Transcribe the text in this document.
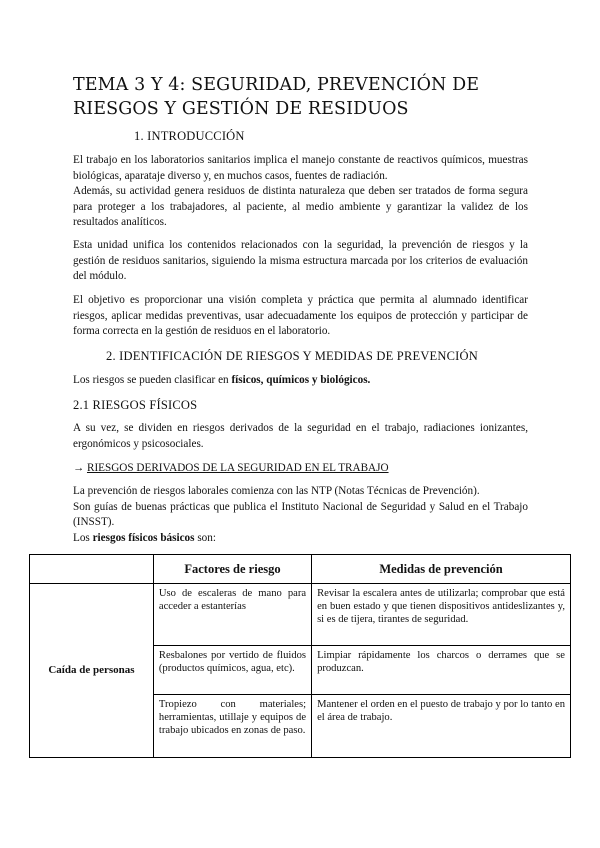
TEMA 3 Y 4: SEGURIDAD, PREVENCIÓN DE RIESGOS Y GESTIÓN DE RESIDUOS
1. INTRODUCCIÓN

El trabajo en los laboratorios sanitarios implica el manejo constante de reactivos químicos, muestras biológicas, aparataje diverso y, en muchos casos, fuentes de radiación.

Además, su actividad genera residuos de distinta naturaleza que deben ser tratados de forma segura para proteger a los trabajadores, al paciente, al medio ambiente y garantizar la validez de los resultados analíticos.

Esta unidad unifica los contenidos relacionados con la seguridad, la prevención de riesgos y la gestión de residuos sanitarios, siguiendo la misma estructura marcada por los criterios de evaluación del módulo.

El objetivo es proporcionar una visión completa y práctica que permita al alumnado identificar riesgos, aplicar medidas preventivas, usar adecuadamente los equipos de protección y participar de forma correcta en la gestión de residuos en el laboratorio.

2. IDENTIFICACIÓN DE RIESGOS Y MEDIDAS DE PREVENCIÓN

Los riesgos se pueden clasificar en físicos, químicos y biológicos.

2.1 RIESGOS FÍSICOS

A su vez, se dividen en riesgos derivados de la seguridad en el trabajo, radiaciones ionizantes, ergonómicos y psicosociales.

→ RIESGOS DERIVADOS DE LA SEGURIDAD EN EL TRABAJO

La prevención de riesgos laborales comienza con las NTP (Notas Técnicas de Prevención).

Son guías de buenas prácticas que publica el Instituto Nacional de Seguridad y Salud en el Trabajo (INSST).

Los riesgos físicos básicos son:

	Factores de riesgo	Medidas de prevención
Caída de personas	Uso de escaleras de mano para acceder a estanterías	Revisar la escalera antes de utilizarla; comprobar que está en buen estado y que tienen dispositivos antideslizantes y, si es de tijera, tirantes de seguridad.
	Resbalones por vertido de fluidos (productos químicos, agua, etc).	Limpiar rápidamente los charcos o derrames que se produzcan.
	Tropiezo con materiales; herramientas, utillaje y equipos de trabajo ubicados en zonas de paso.	Mantener el orden en el puesto de trabajo y por lo tanto en el área de trabajo.
